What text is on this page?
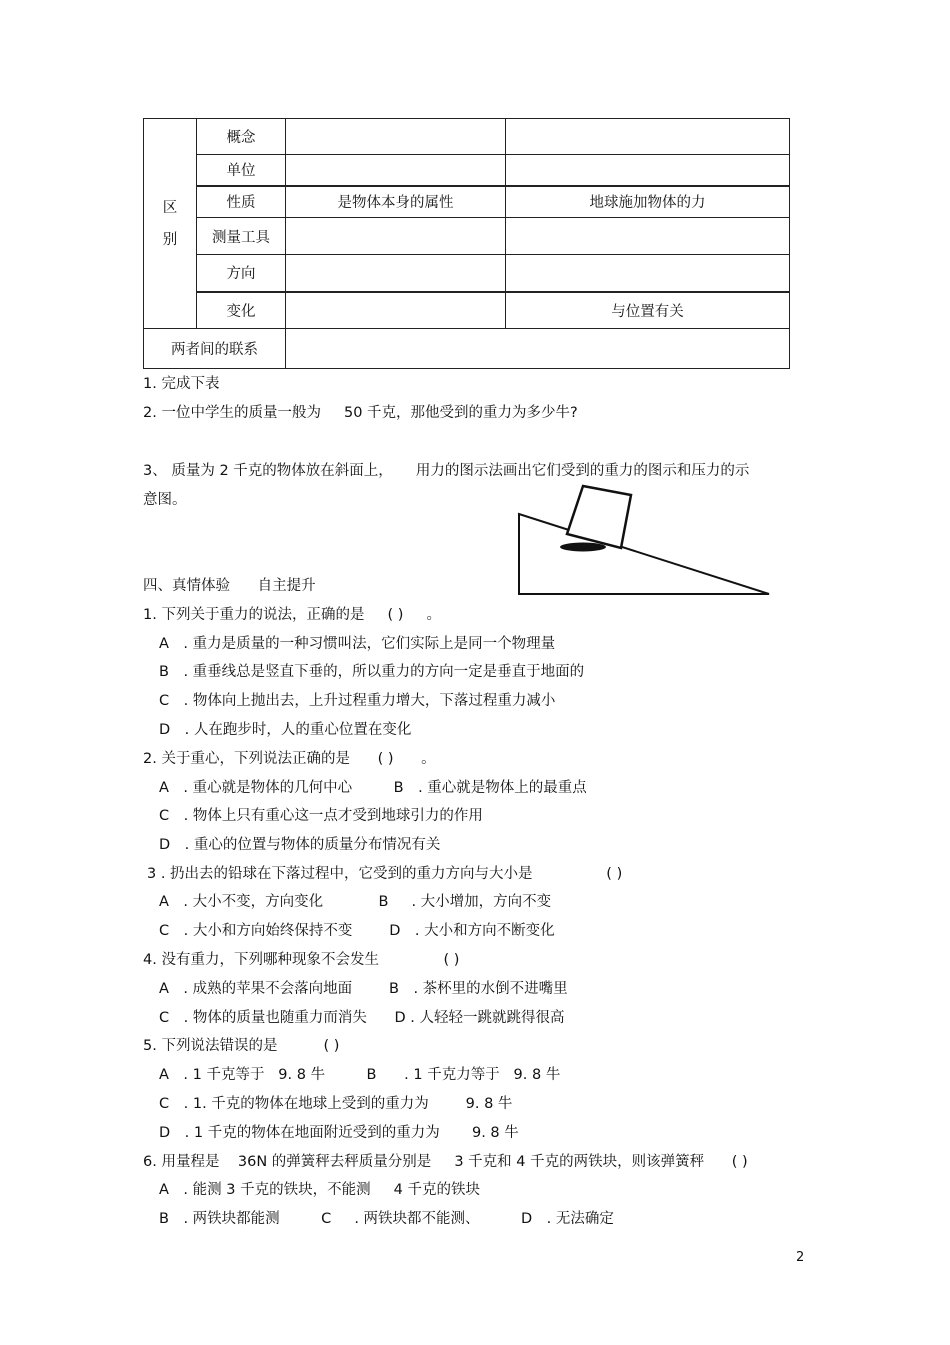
区
别	概念		
	单位		
	性质	是物体本身的属性	地球施加物体的力
	测量工具		
	方向		
	变化		与位置有关
两者间的联系			
1. 完成下表
2. 一位中学生的质量一般为     50 千克，那他受到的重力为多少牛?
3、 质量为 2 千克的物体放在斜面上，     用力的图示法画出它们受到的重力的图示和压力的示
意图。
四、真情体验      自主提升
1. 下列关于重力的说法，正确的是     ( )     。
A　. 重力是质量的一种习惯叫法，它们实际上是同一个物理量
B　. 重垂线总是竖直下垂的，所以重力的方向一定是垂直于地面的
C　. 物体向上抛出去，上升过程重力增大，下落过程重力减小
D　. 人在跑步时，人的重心位置在变化
2. 关于重心，下列说法正确的是      ( )      。
A　. 重心就是物体的几何中心         B　. 重心就是物体上的最重点
C　. 物体上只有重心这一点才受到地球引力的作用
D　. 重心的位置与物体的质量分布情况有关
3 . 扔出去的铅球在下落过程中，它受到的重力方向与大小是                ( )
A　. 大小不变，方向变化            B     . 大小增加，方向不变
C　. 大小和方向始终保持不变        D　. 大小和方向不断变化
4. 没有重力，下列哪种现象不会发生              ( )
A　. 成熟的苹果不会落向地面        B　. 茶杯里的水倒不进嘴里
C　. 物体的质量也随重力而消失      D . 人轻轻一跳就跳得很高
5. 下列说法错误的是          ( )
A　. 1 千克等于   9. 8 牛         B      . 1 千克力等于   9. 8 牛
C　. 1. 千克的物体在地球上受到的重力为        9. 8 牛
D　. 1 千克的物体在地面附近受到的重力为       9. 8 牛
6. 用量程是    36N 的弹簧秤去秤质量分别是     3 千克和 4 千克的两铁块，则该弹簧秤      ( )
A　. 能测 3 千克的铁块，不能测     4 千克的铁块
B　. 两铁块都能测         C     . 两铁块都不能测、         D　. 无法确定
2
